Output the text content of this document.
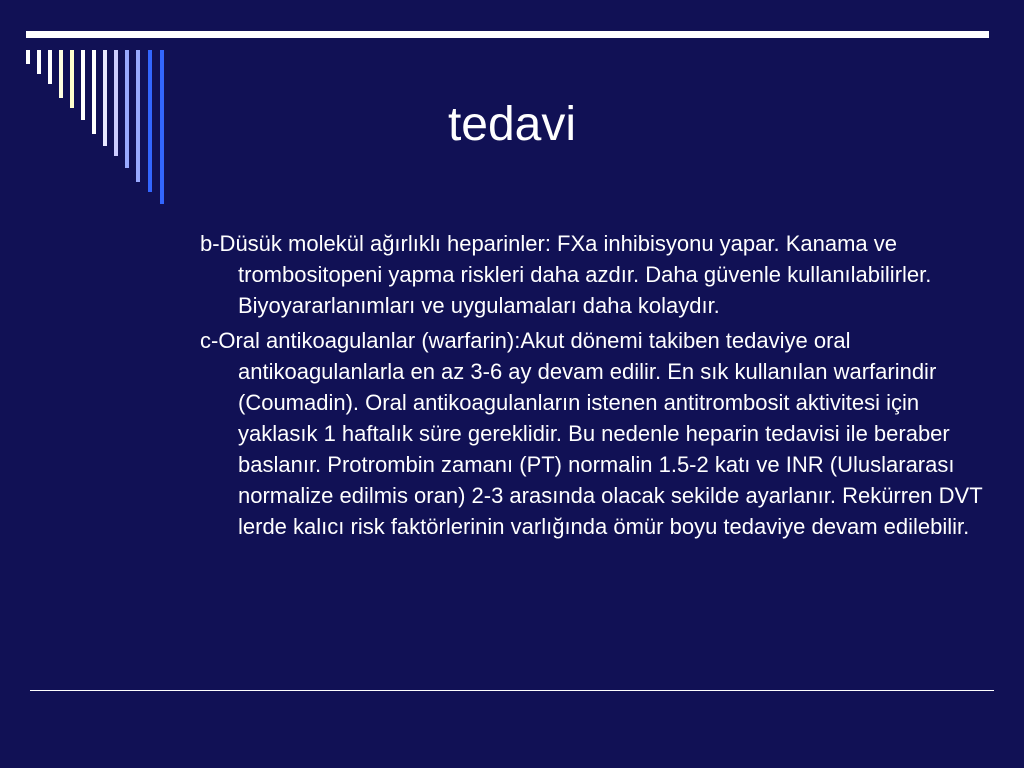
tedavi

b-Düsük molekül ağırlıklı heparinler: FXa inhibisyonu yapar. Kanama ve trombositopeni yapma riskleri daha azdır. Daha güvenle kullanılabilirler. Biyoyararlanımları ve uygulamaları daha kolaydır.

c-Oral antikoagulanlar (warfarin):Akut dönemi takiben tedaviye oral antikoagulanlarla en az 3-6 ay devam edilir. En sık kullanılan warfarindir (Coumadin). Oral antikoagulanların istenen antitrombosit aktivitesi için yaklasık 1 haftalık süre gereklidir. Bu nedenle heparin tedavisi ile beraber baslanır. Protrombin zamanı (PT) normalin 1.5-2 katı ve INR (Uluslararası normalize edilmis oran) 2-3 arasında olacak sekilde ayarlanır. Rekürren DVT lerde kalıcı risk faktörlerinin varlığında ömür boyu tedaviye devam edilebilir.
